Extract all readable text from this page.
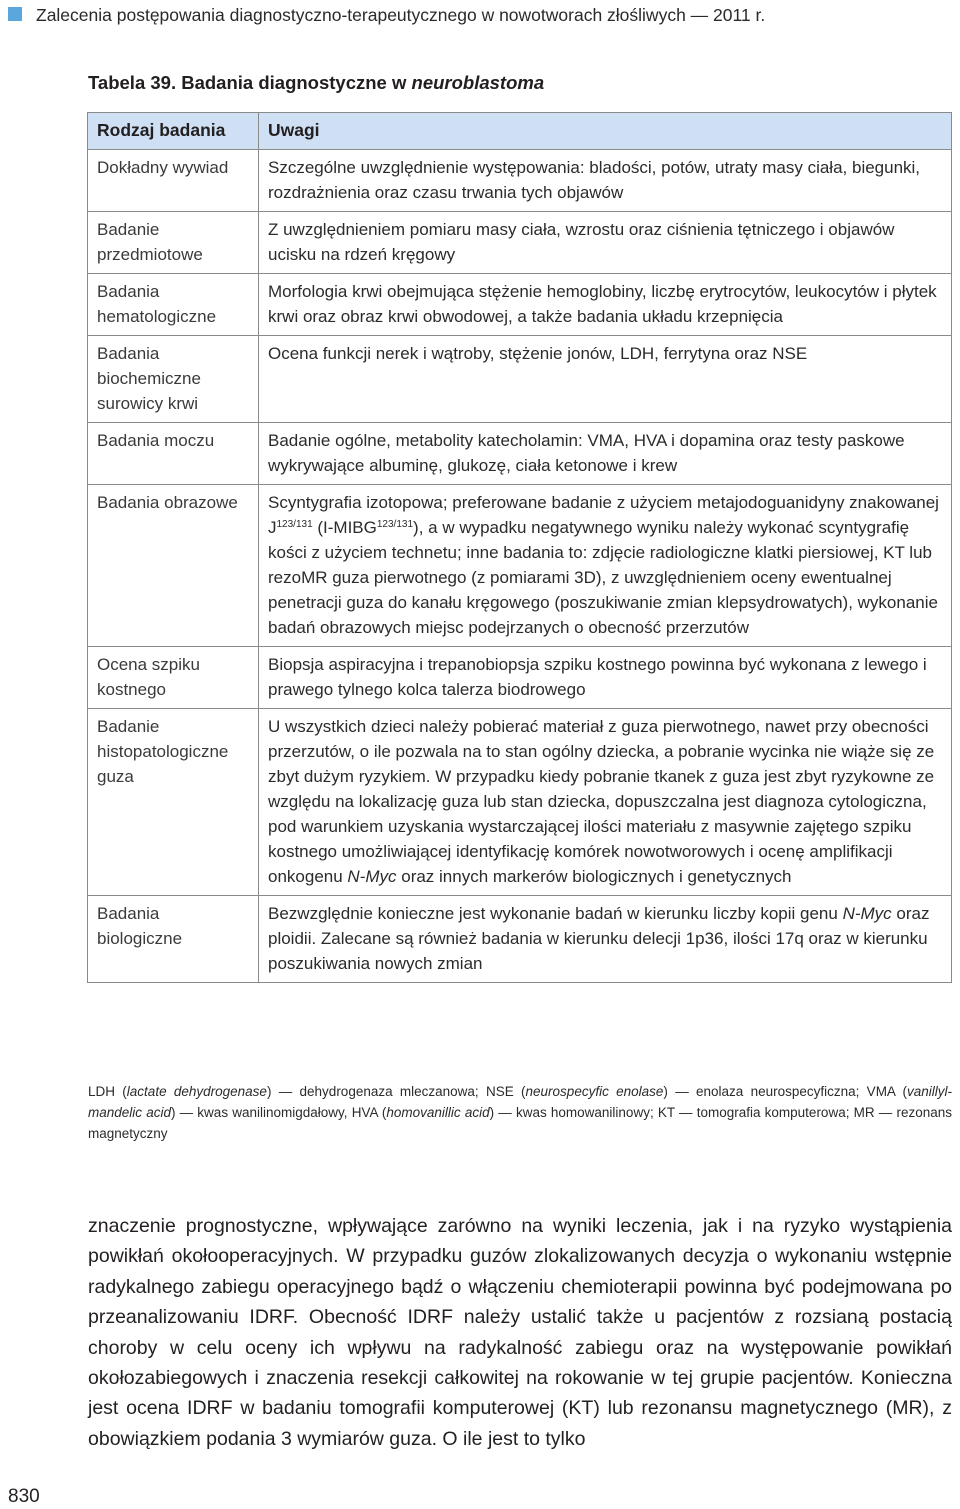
Zalecenia postępowania diagnostyczno-terapeutycznego w nowotworach złośliwych — 2011 r.
Tabela 39. Badania diagnostyczne w neuroblastoma
Rodzaj badania	Uwagi
Dokładny wywiad	Szczególne uwzględnienie występowania: bladości, potów, utraty masy ciała, biegunki, rozdrażnienia oraz czasu trwania tych objawów
Badanie przedmiotowe	Z uwzględnieniem pomiaru masy ciała, wzrostu oraz ciśnienia tętniczego i objawów ucisku na rdzeń kręgowy
Badania hematologiczne	Morfologia krwi obejmująca stężenie hemoglobiny, liczbę erytrocytów, leukocytów i płytek krwi oraz obraz krwi obwodowej, a także badania układu krzepnięcia
Badania biochemiczne surowicy krwi	Ocena funkcji nerek i wątroby, stężenie jonów, LDH, ferrytyna oraz NSE
Badania moczu	Badanie ogólne, metabolity katecholamin: VMA, HVA i dopamina oraz testy paskowe wykrywające albuminę, glukozę, ciała ketonowe i krew
Badania obrazowe	Scyntygrafia izotopowa; preferowane badanie z użyciem metajodoguanidyny znakowanej $J^{123/131}$ $(I-MIBG^{123/131})$, a w wypadku negatywnego wyniku należy wykonać scyntygrafię kości z użyciem technetu; inne badania to: zdjęcie radiologiczne klatki piersiowej, KT lub rezoMR guza pierwotnego (z pomiarami 3D), z uwzględnieniem oceny ewentualnej penetracji guza do kanału kręgowego (poszukiwanie zmian klepsydrowatych), wykonanie badań obrazowych miejsc podejrzanych o obecność przerzutów
Ocena szpiku kostnego	Biopsja aspiracyjna i trepanobiopsja szpiku kostnego powinna być wykonana z lewego i prawego tylnego kolca talerza biodrowego
Badanie histopatologiczne guza	U wszystkich dzieci należy pobierać materiał z guza pierwotnego, nawet przy obecności przerzutów, o ile pozwala na to stan ogólny dziecka, a pobranie wycinka nie wiąże się ze zbyt dużym ryzykiem. W przypadku kiedy pobranie tkanek z guza jest zbyt ryzykowne ze względu na lokalizację guza lub stan dziecka, dopuszczalna jest diagnoza cytologiczna, pod warunkiem uzyskania wystarczającej ilości materiału z masywnie zajętego szpiku kostnego umożliwiającej identyfikację komórek nowotworowych i ocenę amplifikacji onkogenu N-Myc oraz innych markerów biologicznych i genetycznych
Badania biologiczne	Bezwzględnie konieczne jest wykonanie badań w kierunku liczby kopii genu N-Myc oraz ploidii. Zalecane są również badania w kierunku delecji 1p36, ilości 17q oraz w kierunku poszukiwania nowych zmian
LDH (lactate dehydrogenase) — dehydrogenaza mleczanowa; NSE (neurospecyfic enolase) — enolaza neurospecyficzna; VMA (vanillyl-mandelic acid) — kwas wanilinomigdałowy, HVA (homovanillic acid) — kwas homowanilinowy; KT — tomografia komputerowa; MR — rezonans magnetyczny
znaczenie prognostyczne, wpływające zarówno na wyniki leczenia, jak i na ryzyko wystąpienia powikłań okołooperacyjnych. W przypadku guzów zlokalizowanych decyzja o wykonaniu wstępnie radykalnego zabiegu operacyjnego bądź o włączeniu chemioterapii powinna być podejmowana po przeanalizowaniu IDRF. Obecność IDRF należy ustalić także u pacjentów z rozsianą postacią choroby w celu oceny ich wpływu na radykalność zabiegu oraz na występowanie powikłań okołozabiegowych i znaczenia resekcji całkowitej na rokowanie w tej grupie pacjentów. Konieczna jest ocena IDRF w badaniu tomografii komputerowej (KT) lub rezonansu magnetycznego (MR), z obowiązkiem podania 3 wymiarów guza. O ile jest to tylko
830
